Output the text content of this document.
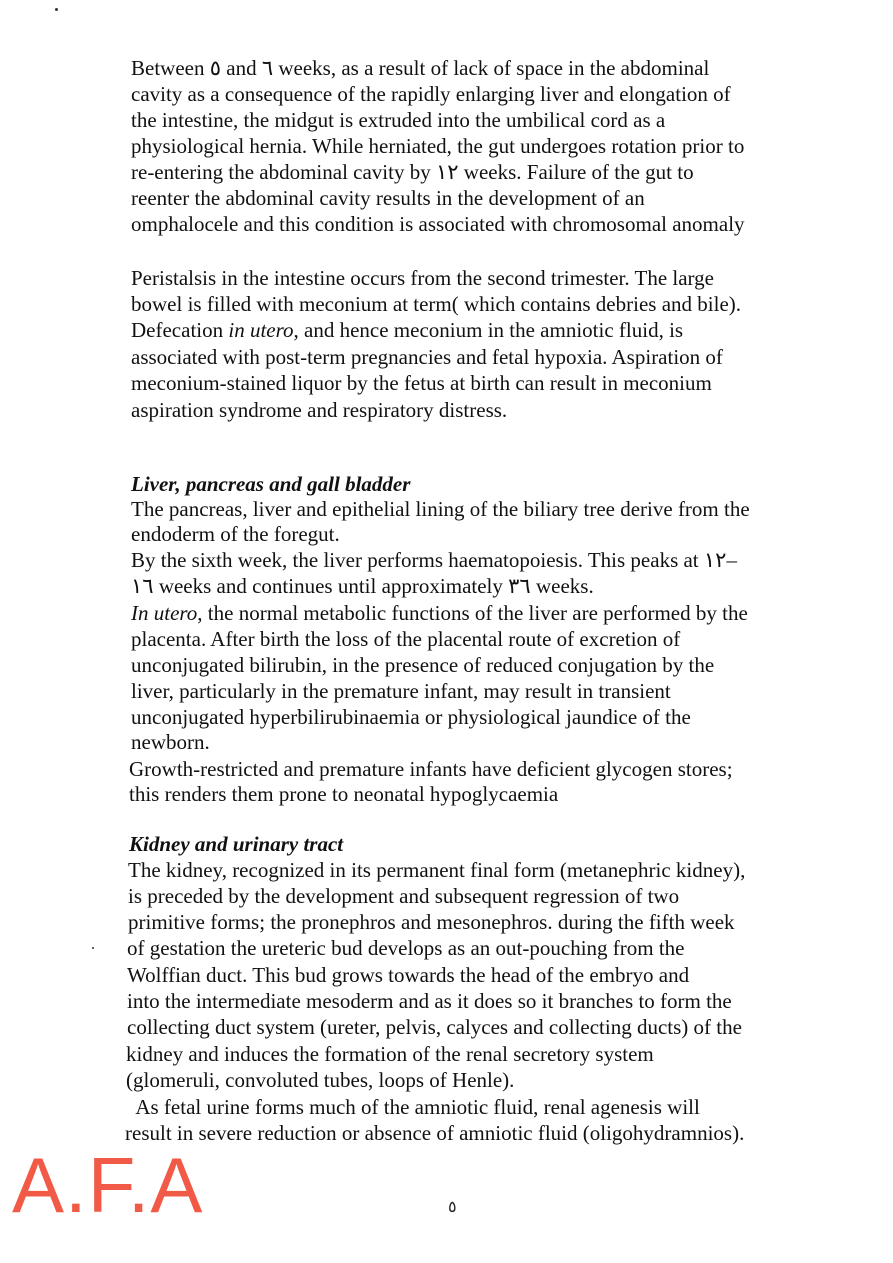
Between ٥ and ٦ weeks, as a result of lack of space in the abdominal
cavity as a consequence of the rapidly enlarging liver and elongation of
the intestine, the midgut is extruded into the umbilical cord as a
physiological hernia. While herniated, the gut undergoes rotation prior to
re-entering the abdominal cavity by ١٢ weeks. Failure of the gut to
reenter the abdominal cavity results in the development of an
omphalocele and this condition is associated with chromosomal anomaly
Peristalsis in the intestine occurs from the second trimester. The large
bowel is filled with meconium at term( which contains debries and bile).
Defecation in utero, and hence meconium in the amniotic fluid, is
associated with post-term pregnancies and fetal hypoxia. Aspiration of
meconium-stained liquor by the fetus at birth can result in meconium
aspiration syndrome and respiratory distress.
Liver, pancreas and gall bladder
The pancreas, liver and epithelial lining of the biliary tree derive from the
endoderm of the foregut.
By the sixth week, the liver performs haematopoiesis. This peaks at ١٢–
١٦ weeks and continues until approximately ٣٦ weeks.
In utero, the normal metabolic functions of the liver are performed by the
placenta. After birth the loss of the placental route of excretion of
unconjugated bilirubin, in the presence of reduced conjugation by the
liver, particularly in the premature infant, may result in transient
unconjugated hyperbilirubinaemia or physiological jaundice of the
newborn.
Growth-restricted and premature infants have deficient glycogen stores;
this renders them prone to neonatal hypoglycaemia
Kidney and urinary tract
The kidney, recognized in its permanent final form (metanephric kidney),
is preceded by the development and subsequent regression of two
primitive forms; the pronephros and mesonephros. during the fifth week
of gestation the ureteric bud develops as an out-pouching from the
Wolffian duct. This bud grows towards the head of the embryo and
into the intermediate mesoderm and as it does so it branches to form the
collecting duct system (ureter, pelvis, calyces and collecting ducts) of the
kidney and induces the formation of the renal secretory system
(glomeruli, convoluted tubes, loops of Henle).
As fetal urine forms much of the amniotic fluid, renal agenesis will
result in severe reduction or absence of amniotic fluid (oligohydramnios).
A.F.A	٥
